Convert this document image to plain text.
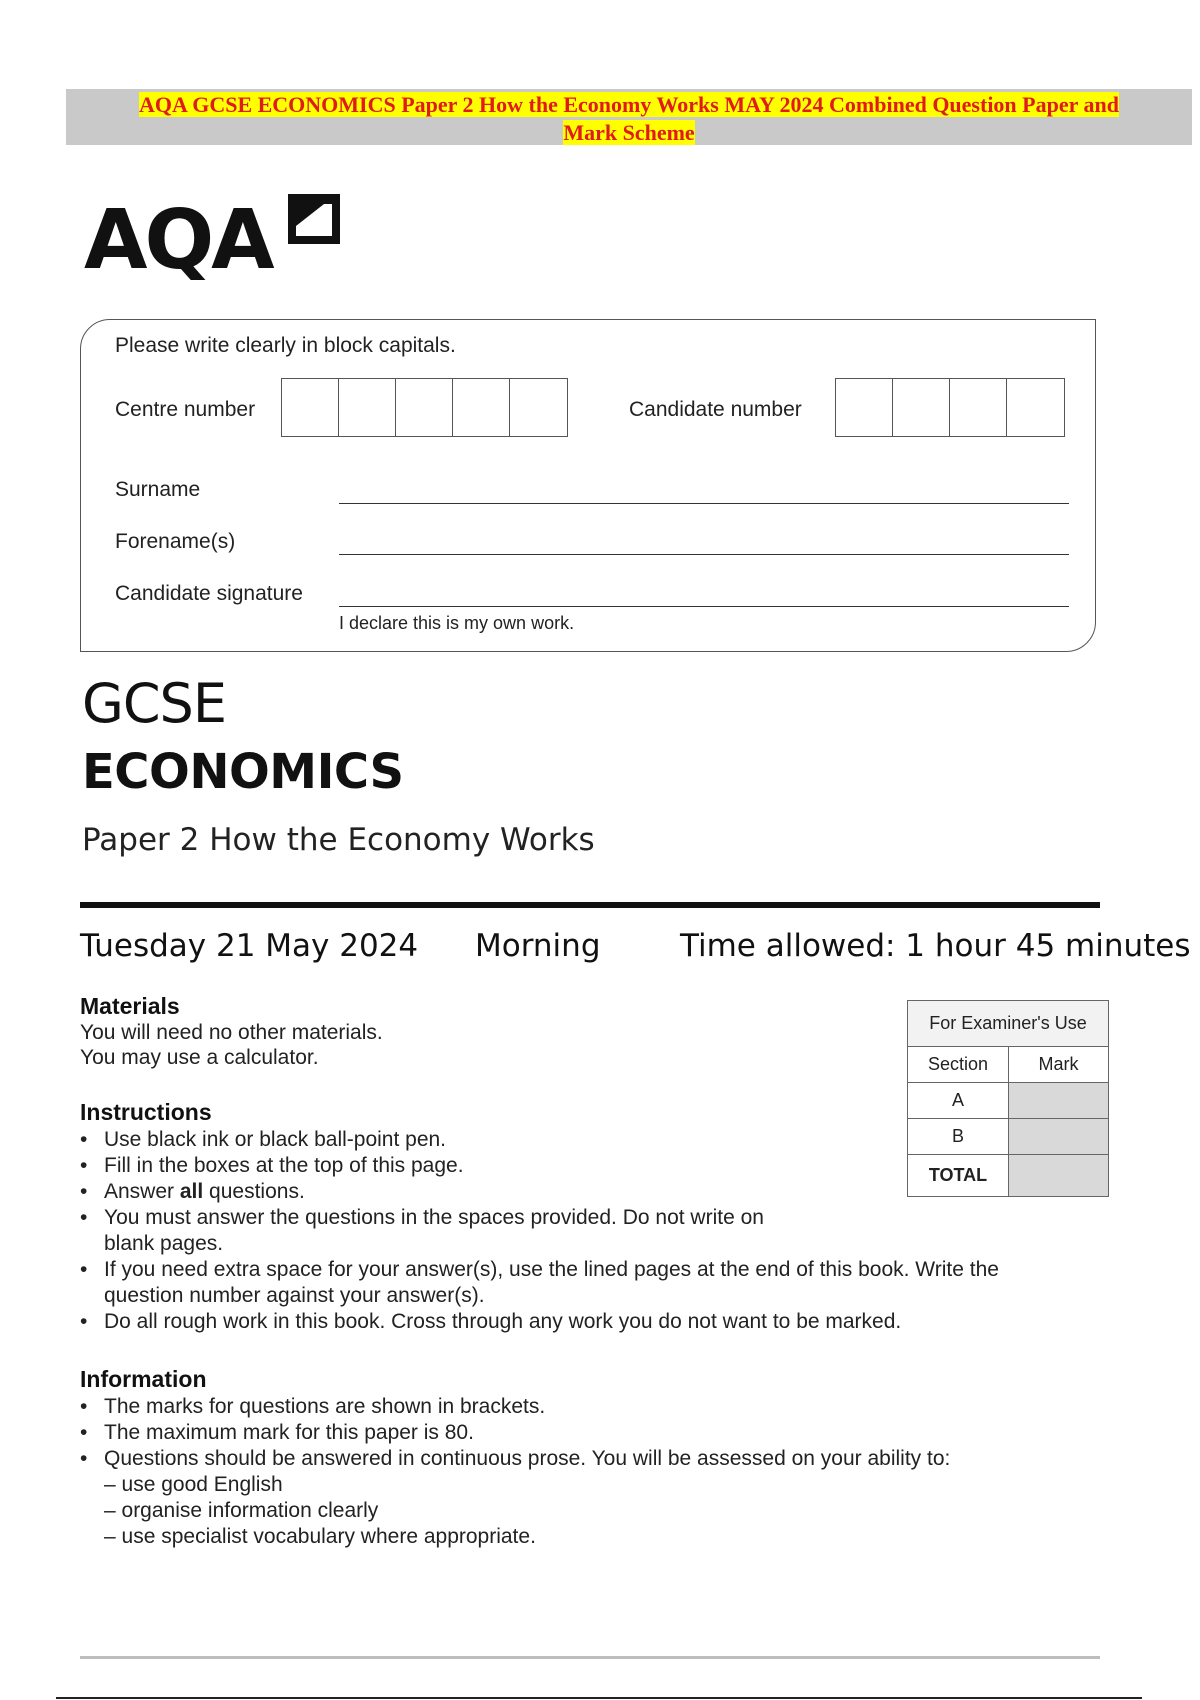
AQA GCSE ECONOMICS Paper 2 How the Economy Works MAY 2024 Combined Question Paper and
Mark Scheme
AQA
Please write clearly in block capitals.
Centre number	Candidate number
Surname
Forename(s)
Candidate signature
I declare this is my own work.
GCSE
ECONOMICS
Paper 2 How the Economy Works
Tuesday 21 May 2024 Morning	Time allowed: 1 hour 45 minutes
Materials
You will need no other materials.
You may use a calculator.
Instructions
• Use black ink or black ball-point pen.
• Fill in the boxes at the top of this page.
• Answer all questions.
• You must answer the questions in the spaces provided. Do not write on
blank pages.
• If you need extra space for your answer(s), use the lined pages at the end of this book. Write the
question number against your answer(s).
• Do all rough work in this book. Cross through any work you do not want to be marked.
Information
• The marks for questions are shown in brackets.
• The maximum mark for this paper is 80.
• Questions should be answered in continuous prose. You will be assessed on your ability to:
– use good English
– organise information clearly
– use specialist vocabulary where appropriate.
For Examiner's Use	
Section	Mark
A	
B	
TOTAL	
